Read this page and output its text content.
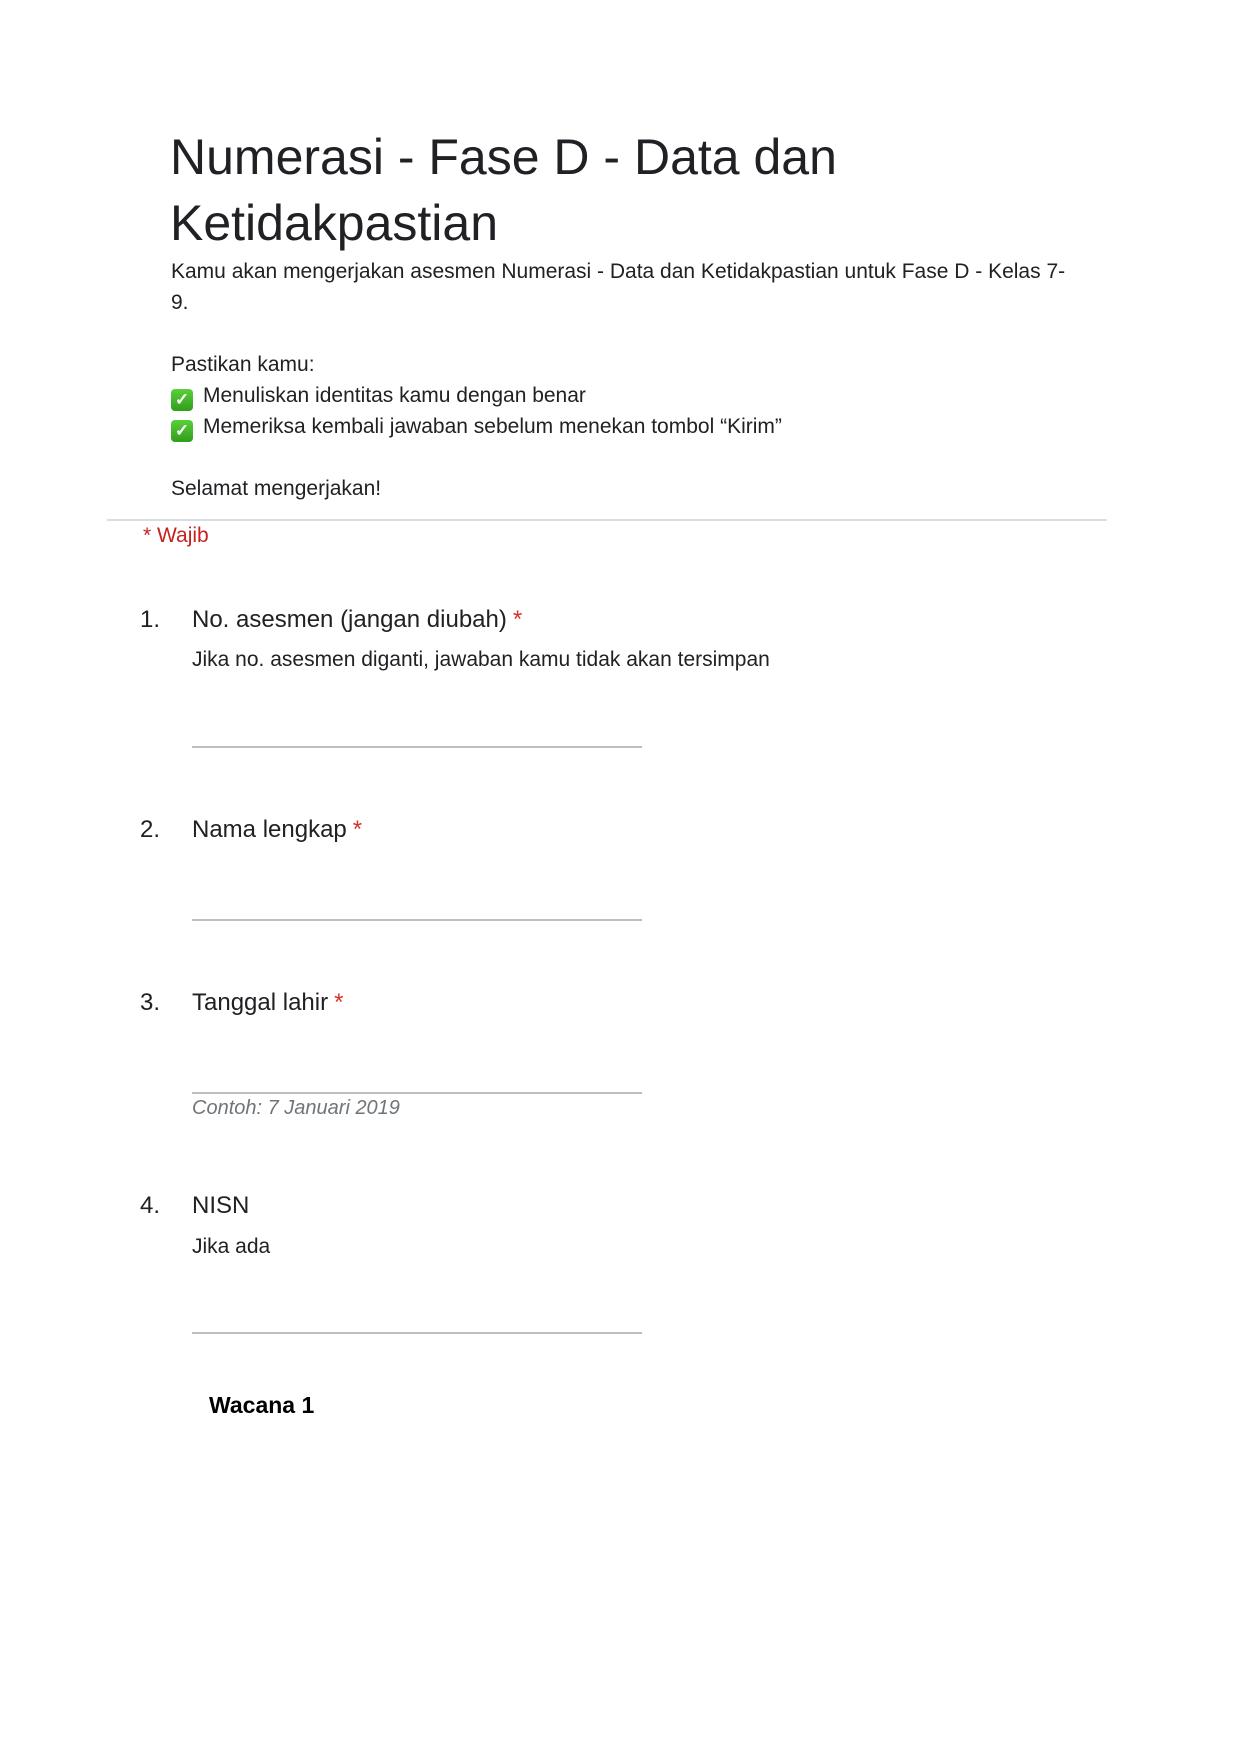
Numerasi - Fase D - Data dan Ketidakpastian

Kamu akan mengerjakan asesmen Numerasi - Data dan Ketidakpastian untuk Fase D - Kelas 7-9.

Pastikan kamu:

✓ Menuliskan identitas kamu dengan benar

✓ Memeriksa kembali jawaban sebelum menekan tombol “Kirim”

Selamat mengerjakan!

* Wajib
1. No. asesmen (jangan diubah) *
Jika no. asesmen diganti, jawaban kamu tidak akan tersimpan
2. Nama lengkap *
3. Tanggal lahir *
Contoh: 7 Januari 2019
4. NISN
Jika ada
Wacana 1
